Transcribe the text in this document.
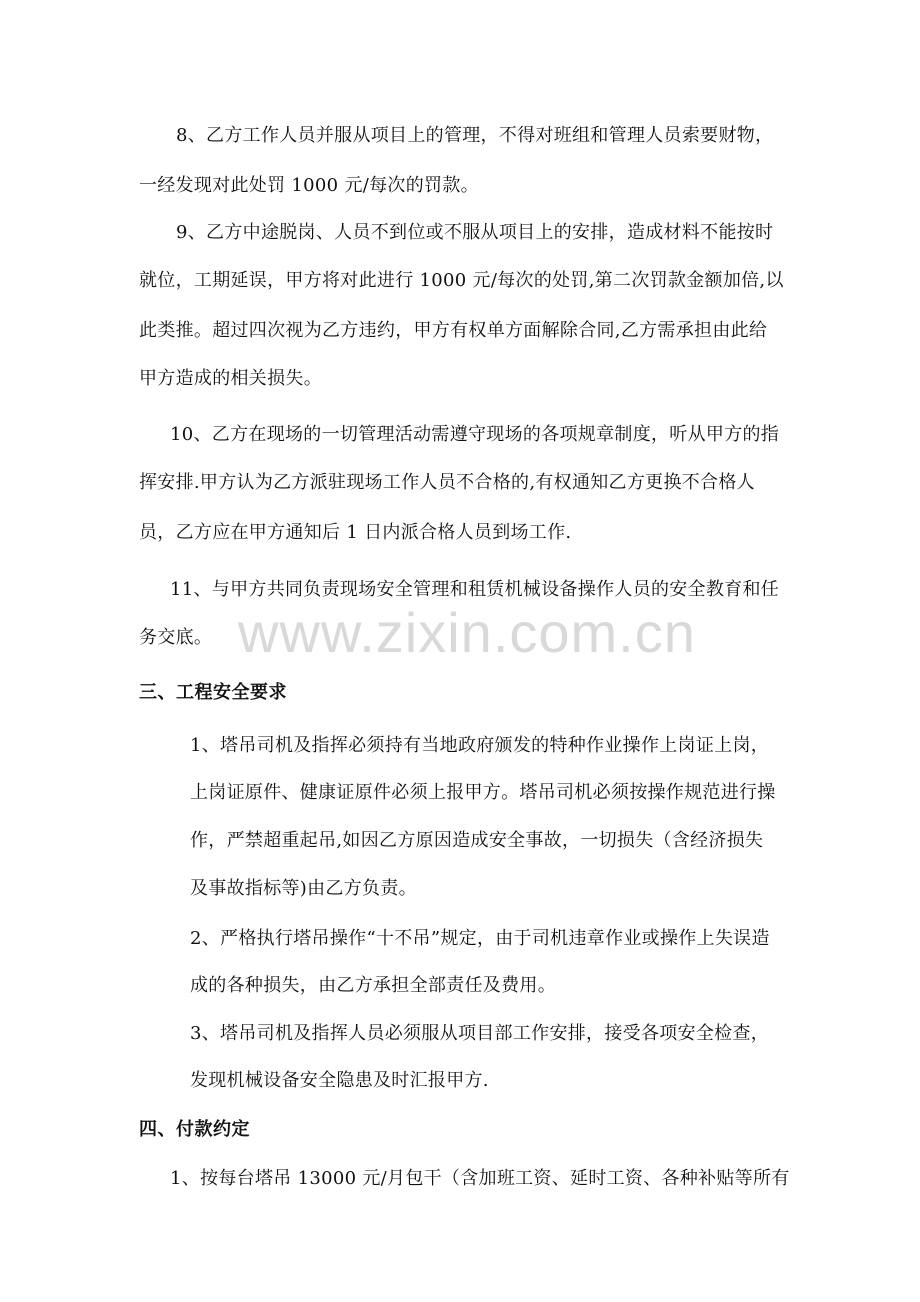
8、乙方工作人员并服从项目上的管理，不得对班组和管理人员索要财物，
一经发现对此处罚 1000 元/每次的罚款。
9、乙方中途脱岗、人员不到位或不服从项目上的安排，造成材料不能按时
就位，工期延误，甲方将对此进行 1000 元/每次的处罚,第二次罚款金额加倍,以
此类推。超过四次视为乙方违约，甲方有权单方面解除合同,乙方需承担由此给
甲方造成的相关损失。
10、乙方在现场的一切管理活动需遵守现场的各项规章制度，听从甲方的指
挥安排.甲方认为乙方派驻现场工作人员不合格的,有权通知乙方更换不合格人
员，乙方应在甲方通知后 1 日内派合格人员到场工作.
11、与甲方共同负责现场安全管理和租赁机械设备操作人员的安全教育和任
务交底。
三、工程安全要求
1、塔吊司机及指挥必须持有当地政府颁发的特种作业操作上岗证上岗，
上岗证原件、健康证原件必须上报甲方。塔吊司机必须按操作规范进行操
作，严禁超重起吊,如因乙方原因造成安全事故，一切损失（含经济损失
及事故指标等)由乙方负责。
2、严格执行塔吊操作“十不吊”规定，由于司机违章作业或操作上失误造
成的各种损失，由乙方承担全部责任及费用。
3、塔吊司机及指挥人员必须服从项目部工作安排，接受各项安全检查，
发现机械设备安全隐患及时汇报甲方.
四、付款约定
1、按每台塔吊 13000 元/月包干（含加班工资、延时工资、各种补贴等所有
www.zixin.com.cn
